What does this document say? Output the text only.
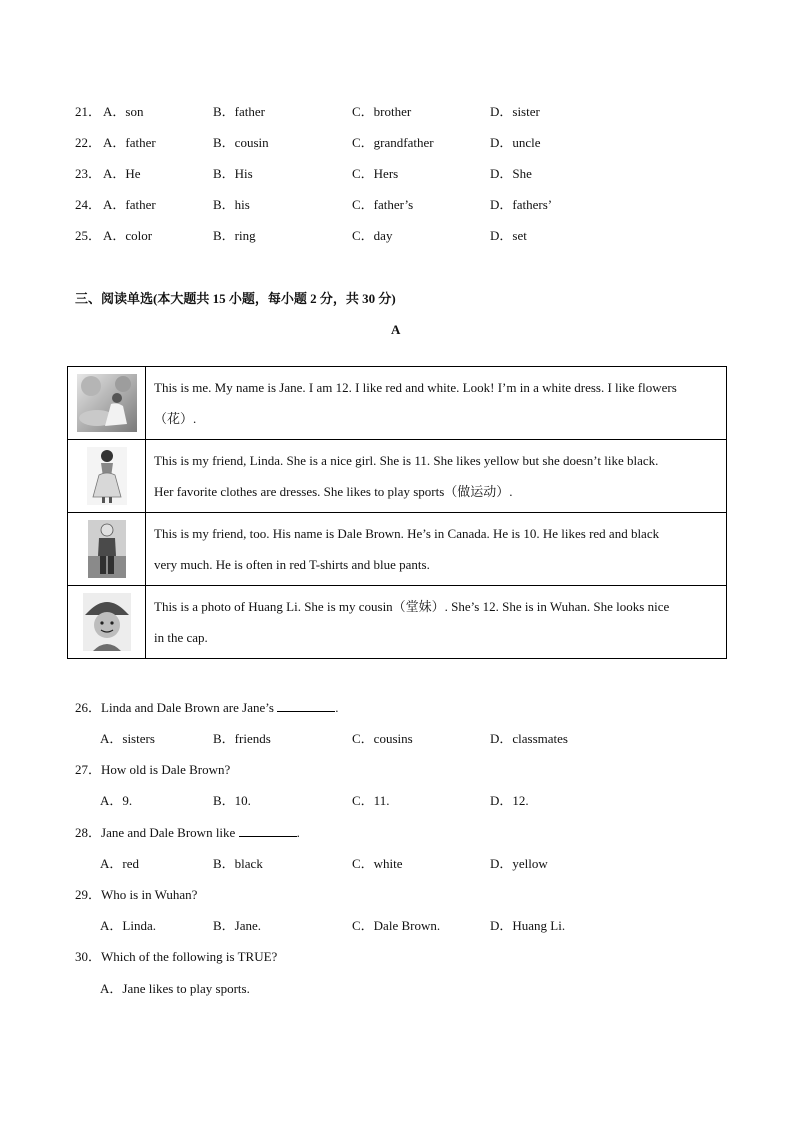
21． A．son	B．father	C．brother	D．sister
22． A．father	B．cousin	C．grandfather	D．uncle
23． A．He	B．His	C．Hers	D．She
24． A．father	B．his	C．father’s	D．fathers’
25． A．color	B．ring	C．day	D．set
三、阅读单选(本大题共 15 小题，每小题 2 分，共 30 分)
A

This is me. My name is Jane. I am 12. I like red and white. Look! I’m in a white dress. I like flowers
（花）.

This is my friend, Linda. She is a nice girl. She is 11. She likes yellow but she doesn’t like black.
Her favorite clothes are dresses. She likes to play sports（做运动）.

This is my friend, too. His name is Dale Brown. He’s in Canada. He is 10. He likes red and black
very much. He is often in red T-shirts and blue pants.

This is a photo of Huang Li. She is my cousin（堂妹）. She’s 12. She is in Wuhan. She looks nice
in the cap.
26．Linda and Dale Brown are Jane’s	.
A．sisters	B．friends	C．cousins	D．classmates
27．How old is Dale Brown?
A．9.	B．10.	C．11.	D．12.
28．Jane and Dale Brown like	.
A．red	B．black	C．white	D．yellow
29．Who is in Wuhan?
A．Linda.	B．Jane.	C．Dale Brown.	D．Huang Li.
30．Which of the following is TRUE?
A．Jane likes to play sports.
